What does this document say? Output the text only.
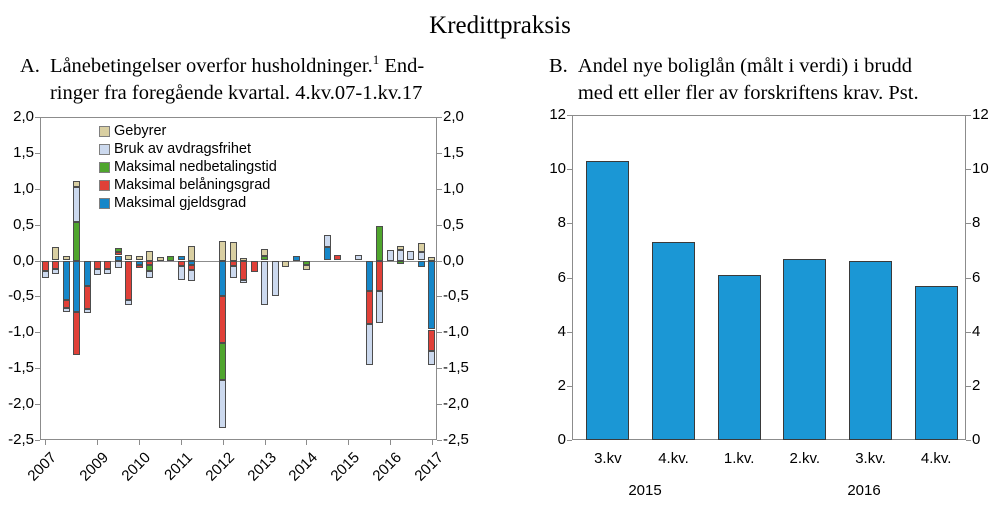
Kredittpraksis
A. Lånebetingelser overfor husholdninger.$^1$ End-
ringer fra foregående kvartal. 4.kv.07-1.kv.17
B. Andel nye boliglån (målt i verdi) i brudd
med ett eller fler av forskriftens krav. Pst.
Gebyrer
Bruk av avdragsfrihet
Maksimal nedbetalingstid
Maksimal belåningsgrad
Maksimal gjeldsgrad
2,0	2,0
1,5	1,5
1,0	1,0
0,5	0,5
0,0	0,0
-0,5	-0,5
-1,0	-1,0
-1,5	-1,5
-2,0	-2,0
-2,5	-2,5
2007	2009 2010 2011 2012 2013 2014 2015 2016 2017
12	12
10	10
8	8
6	6
4	4
2	2
0	0
3.kv	4.kv.	1.kv.	2.kv.	3.kv.	4.kv.
2015	2016
